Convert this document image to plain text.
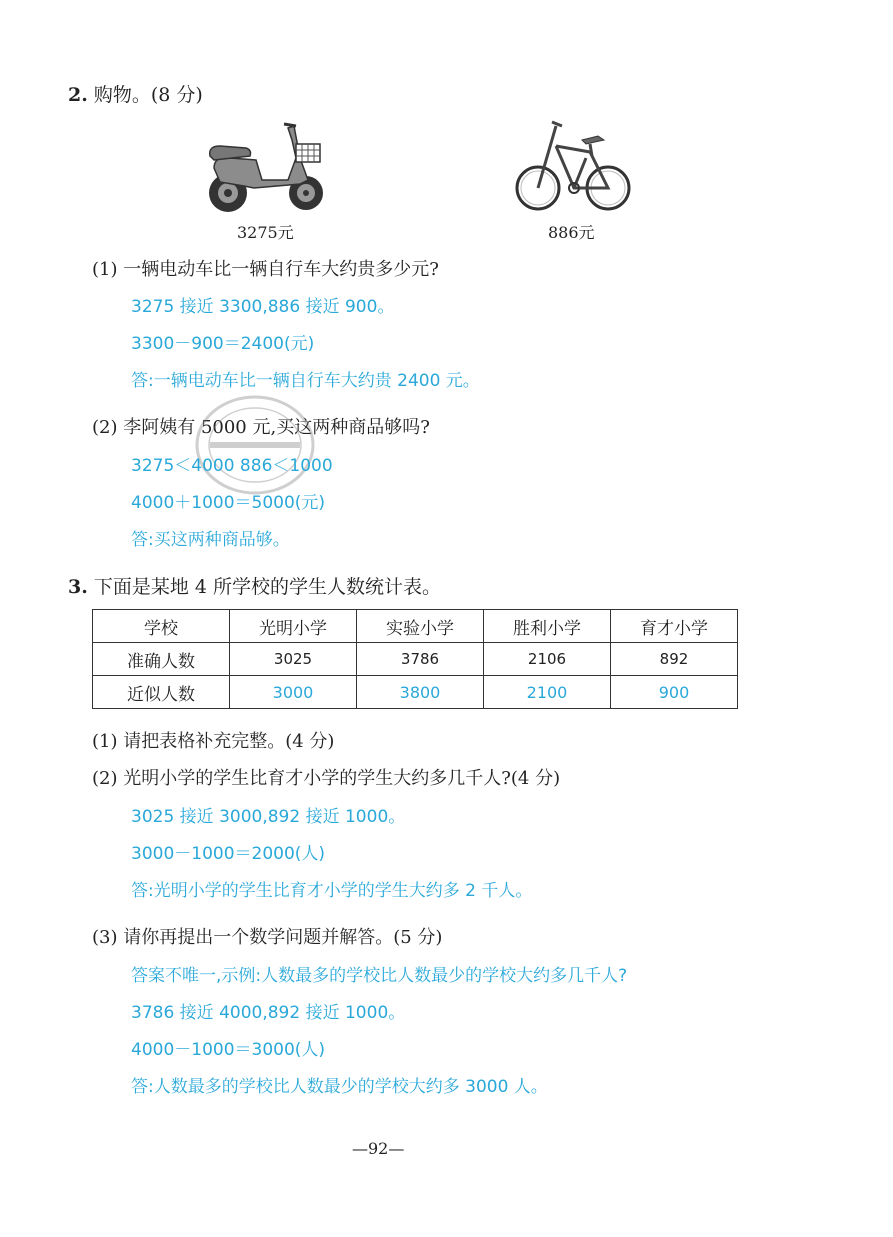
2. 购物。(8 分)
3275元	886元
(1) 一辆电动车比一辆自行车大约贵多少元?
3275 接近 3300,886 接近 900。
3300－900＝2400(元)
答:一辆电动车比一辆自行车大约贵 2400 元。
(2) 李阿姨有 5000 元,买这两种商品够吗?
3275＜4000 886＜1000
4000＋1000＝5000(元)
答:买这两种商品够。
3. 下面是某地 4 所学校的学生人数统计表。
学校	光明小学	实验小学	胜利小学	育才小学
准确人数	3025	3786	2106	892
近似人数	3000	3800	2100	900
(1) 请把表格补充完整。(4 分)
(2) 光明小学的学生比育才小学的学生大约多几千人?(4 分)
3025 接近 3000,892 接近 1000。
3000－1000＝2000(人)
答:光明小学的学生比育才小学的学生大约多 2 千人。
(3) 请你再提出一个数学问题并解答。(5 分)
答案不唯一,示例:人数最多的学校比人数最少的学校大约多几千人?
3786 接近 4000,892 接近 1000。
4000－1000＝3000(人)
答:人数最多的学校比人数最少的学校大约多 3000 人。
—92—
